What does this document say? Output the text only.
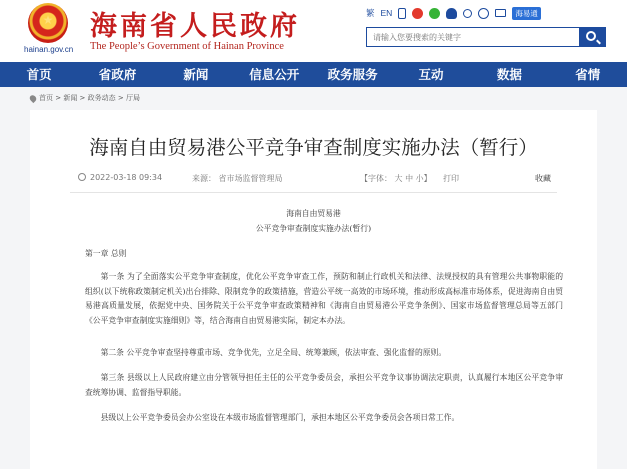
★
hainan.gov.cn
海南省人民政府
The People’s Government of Hainan Province
繁 EN	海易通
请输入您要搜索的关键字
首页	省政府	新闻	信息公开	政务服务	互动	数据	省情
首页 > 新闻 > 政务动态 > 厅局
海南自由贸易港公平竞争审查制度实施办法（暂行）
2022-03-18 09:34	来源： 省市场监督管理局	【字体： 大 中 小】 打印	收藏
海南自由贸易港
公平竞争审查制度实施办法(暂行)
第一章 总则
第一条 为了全面落实公平竞争审查制度，优化公平竞争审查工作，预防和制止行政机关和法律、法规授权的具有管理公共事物职能的组织(以下统称政策制定机关)出台排除、限制竞争的政策措施，营造公平统一高效的市场环境，推动形成高标准市场体系，促进海南自由贸易港高质量发展，依据党中央、国务院关于公平竞争审查政策精神和《海南自由贸易港公平竞争条例》、国家市场监督管理总局等五部门《公平竞争审查制度实施细则》等，结合海南自由贸易港实际，制定本办法。
第二条 公平竞争审查坚持尊重市场、竞争优先，立足全局、统筹兼顾，依法审查、强化监督的原则。
第三条 县级以上人民政府建立由分管领导担任主任的公平竞争委员会，承担公平竞争议事协调法定职责，认真履行本地区公平竞争审查统筹协调、监督指导职能。
县级以上公平竞争委员会办公室设在本级市场监督管理部门，承担本地区公平竞争委员会各项日常工作。
